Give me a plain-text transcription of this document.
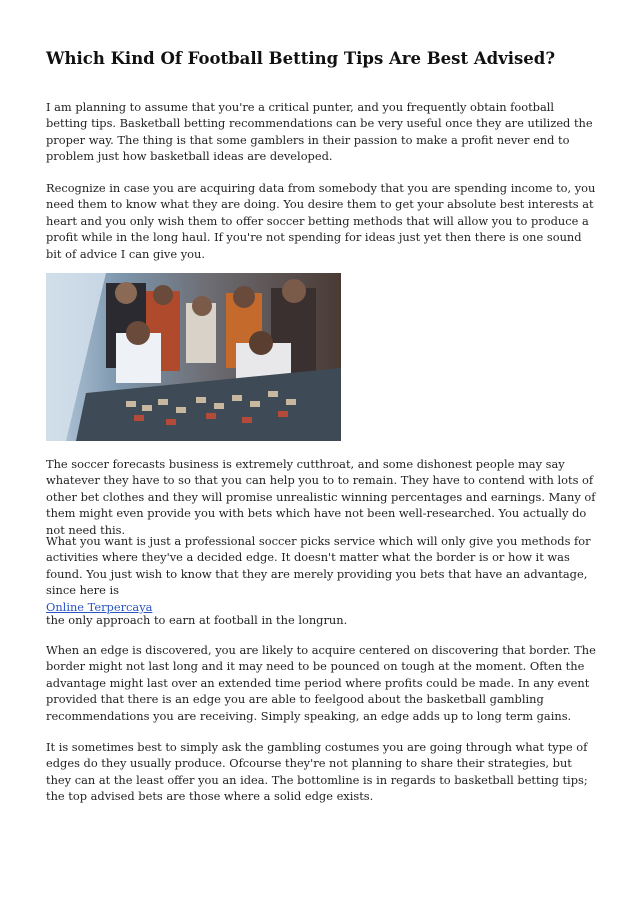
Which Kind Of Football Betting Tips Are Best Advised?

I am planning to assume that you're a critical punter, and you frequently obtain football betting tips. Basketball betting recommendations can be very useful once they are utilized the proper way. The thing is that some gamblers in their passion to make a profit never end to problem just how basketball ideas are developed.

Recognize in case you are acquiring data from somebody that you are spending income to, you need them to know what they are doing. You desire them to get your absolute best interests at heart and you only wish them to offer soccer betting methods that will allow you to produce a profit while in the long haul. If you're not spending for ideas just yet then there is one sound bit of advice I can give you.

The soccer forecasts business is extremely cutthroat, and some dishonest people may say whatever they have to so that you can help you to to remain. They have to contend with lots of other bet clothes and they will promise unrealistic winning percentages and earnings. Many of them might even provide you with bets which have not been well-researched. You actually do not need this.

What you want is just a professional soccer picks service which will only give you methods for activities where they've a decided edge. It doesn't matter what the border is or how it was found. You just wish to know that they are merely providing you bets that have an advantage, since here is
Online Terpercaya

the only approach to earn at football in the longrun.

When an edge is discovered, you are likely to acquire centered on discovering that border. The border might not last long and it may need to be pounced on tough at the moment. Often the advantage might last over an extended time period where profits could be made. In any event provided that there is an edge you are able to feelgood about the basketball gambling recommendations you are receiving. Simply speaking, an edge adds up to long term gains.

It is sometimes best to simply ask the gambling costumes you are going through what type of edges do they usually produce. Ofcourse they're not planning to share their strategies, but they can at the least offer you an idea. The bottomline is in regards to basketball betting tips; the top advised bets are those where a solid edge exists.
